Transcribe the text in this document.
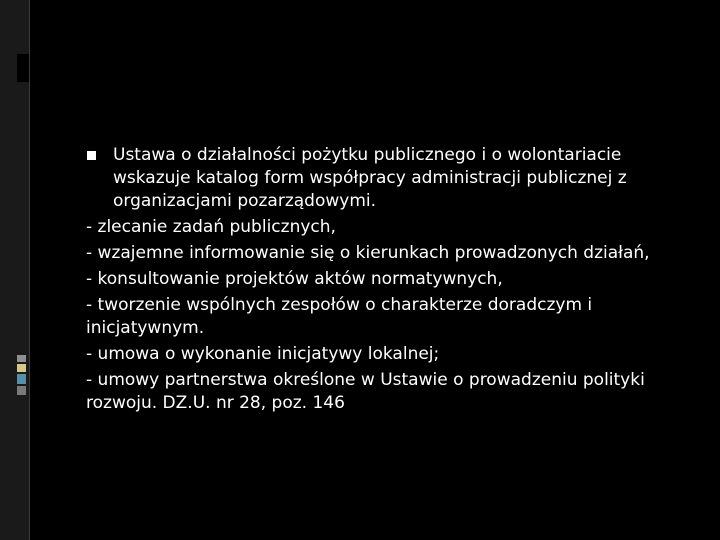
Ustawa o działalności pożytku publicznego i o wolontariacie wskazuje katalog form współpracy administracji publicznej z organizacjami pozarządowymi.
- zlecanie zadań publicznych,
- wzajemne informowanie się o kierunkach prowadzonych działań,
- konsultowanie projektów aktów normatywnych,
- tworzenie wspólnych zespołów o charakterze doradczym i inicjatywnym.
- umowa o wykonanie inicjatywy lokalnej;
- umowy partnerstwa określone w Ustawie o prowadzeniu polityki rozwoju. DZ.U. nr 28, poz. 146
